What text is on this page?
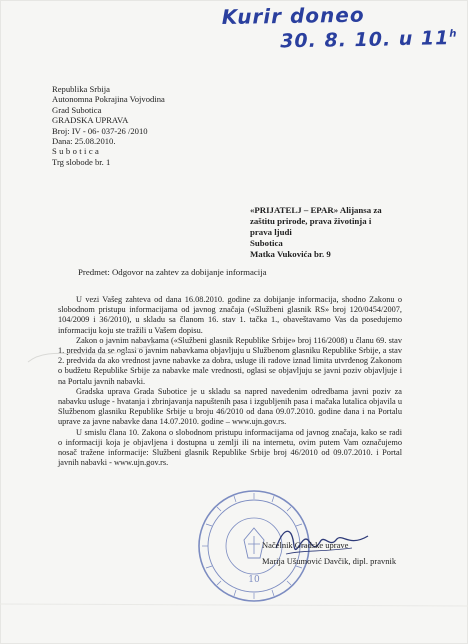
Kurir doneo
30. 8. 10. u 11$^h$
Republika Srbija
Autonomna Pokrajina Vojvodina
Grad Subotica
GRADSKA UPRAVA
Broj: IV - 06- 037-26 /2010
Dana: 25.08.2010.
Subotica
Trg slobode br. 1
«PRIJATELJ – EPAR» Alijansa za
zaštitu prirode, prava životinja i
prava ljudi
Subotica
Matka Vukovića br. 9
Predmet: Odgovor na zahtev za dobijanje informacija

U vezi Vašeg zahteva od dana 16.08.2010. godine za dobijanje informacija, shodno Zakonu o slobodnom pristupu informacijama od javnog značaja («Službeni glasnik RS» broj 120/0454/2007, 104/2009 i 36/2010), u skladu sa članom 16. stav 1. tačka 1., obaveštavamo Vas da posedujemo informaciju koju ste tražili u Vašem dopisu.

Zakon o javnim nabavkama («Službeni glasnik Republike Srbije» broj 116/2008) u članu 69. stav 1. predvida da se oglasi o javnim nabavkama objavljuju u Službenom glasniku Republike Srbije, a stav 2. predvida da ako vrednost javne nabavke za dobra, usluge ili radove iznad limita utvrđenog Zakonom o budžetu Republike Srbije za nabavke male vrednosti, oglasi se objavljuju se javni poziv objavljuje i na Portalu javnih nabavki.

Gradska uprava Grada Subotice je u skladu sa napred navedenim odredbama javni poziv za nabavku usluge - hvatanja i zbrinjavanja napuštenih pasa i izgubljenih pasa i mačaka lutalica objavila u Službenom glasniku Republike Srbije u broju 46/2010 od dana 09.07.2010. godine dana i na Portalu uprave za javne nabavke dana 14.07.2010. godine – www.ujn.gov.rs.

U smislu člana 10. Zakona o slobodnom pristupu informacijama od javnog značaja, kako se radi o informaciji koja je objavljena i dostupna u zemlji ili na internetu, ovim putem Vam označujemo nosač tražene informacije: Službeni glasnik Republike Srbije broj 46/2010 od 09.07.2010. i Portal javnih nabavki - www.ujn.gov.rs.

10
Načelnik Gradske uprave
Marija Ušumović Davčik, dipl. pravnik
